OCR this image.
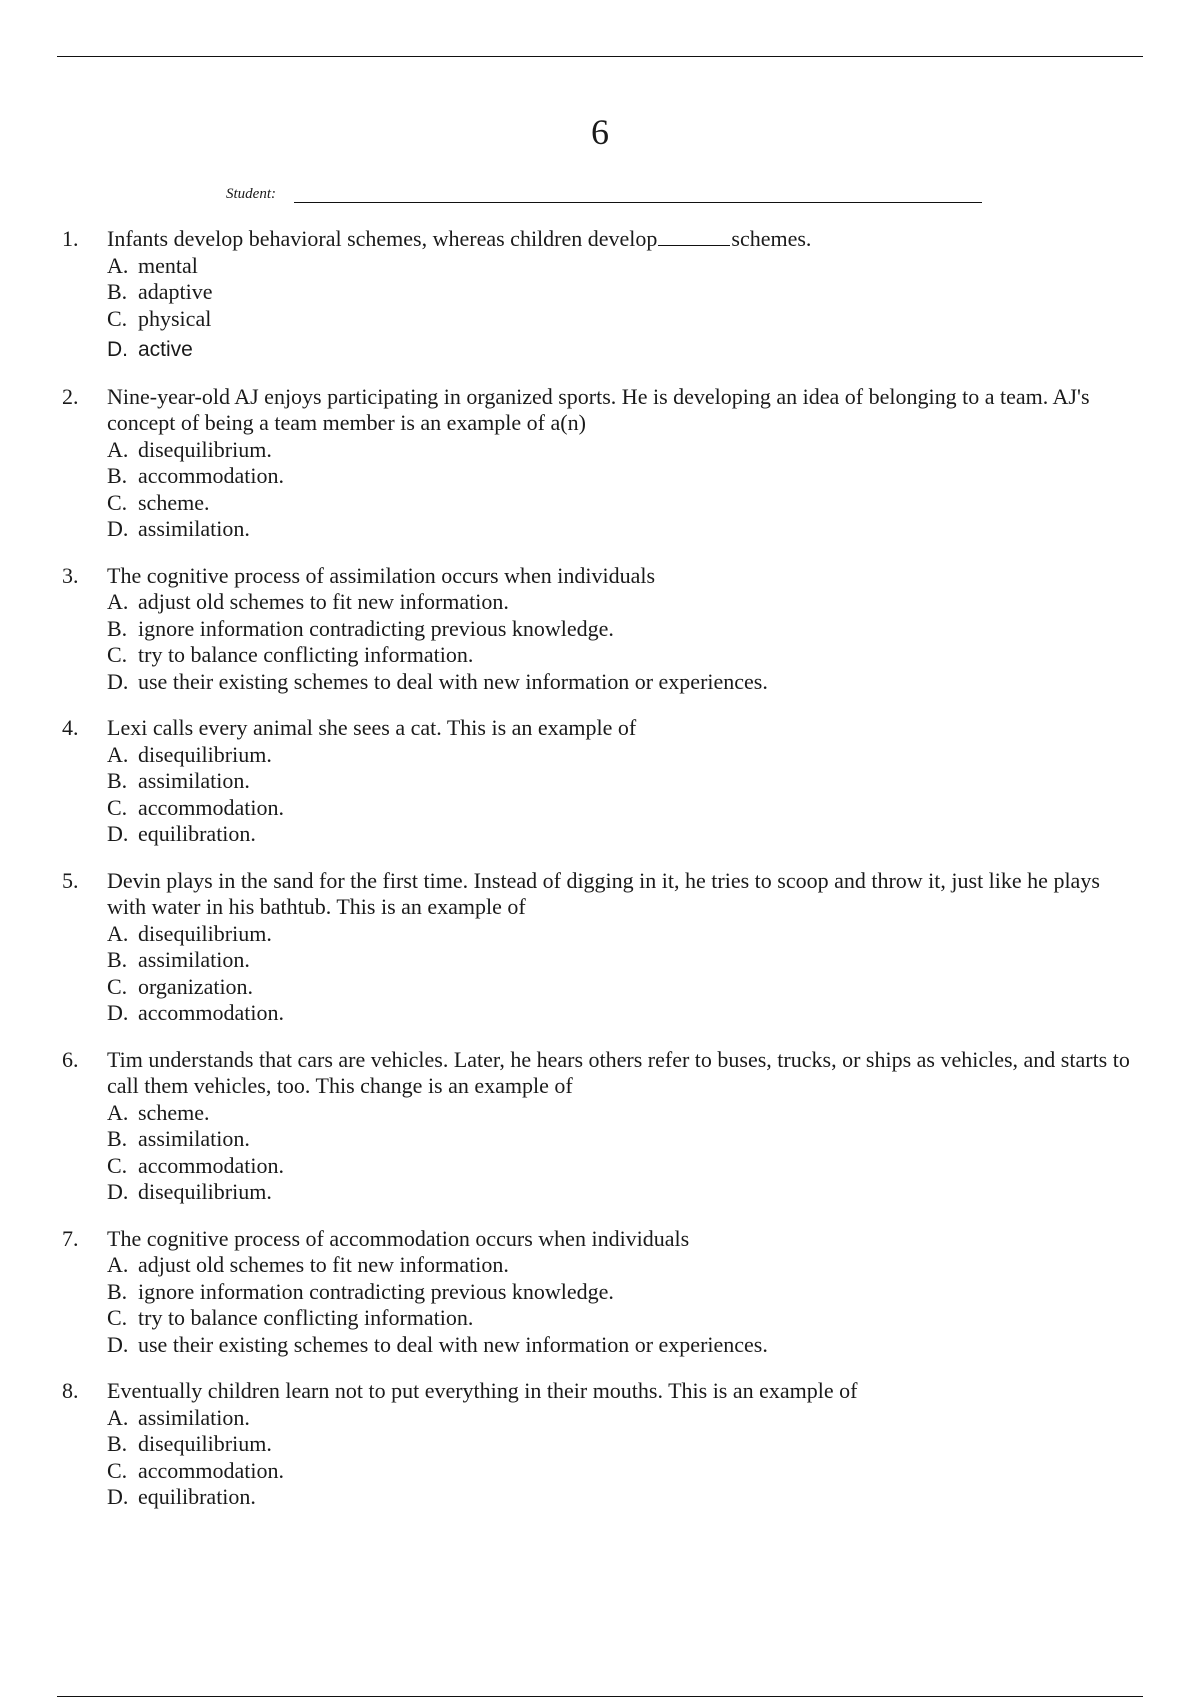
6
Student:
1. Infants develop behavioral schemes, whereas children develop	schemes.
A. mental
B. adaptive
C. physical
D. active
2. Nine-year-old AJ enjoys participating in organized sports. He is developing an idea of belonging to a team. AJ's concept of being a team member is an example of a(n)
A. disequilibrium.
B. accommodation.
C. scheme.
D. assimilation.
3. The cognitive process of assimilation occurs when individuals
A. adjust old schemes to fit new information.
B. ignore information contradicting previous knowledge.
C. try to balance conflicting information.
D. use their existing schemes to deal with new information or experiences.
4. Lexi calls every animal she sees a cat. This is an example of
A. disequilibrium.
B. assimilation.
C. accommodation.
D. equilibration.
5. Devin plays in the sand for the first time. Instead of digging in it, he tries to scoop and throw it, just like he plays with water in his bathtub. This is an example of
A. disequilibrium.
B. assimilation.
C. organization.
D. accommodation.
6. Tim understands that cars are vehicles. Later, he hears others refer to buses, trucks, or ships as vehicles, and starts to call them vehicles, too. This change is an example of
A. scheme.
B. assimilation.
C. accommodation.
D. disequilibrium.
7. The cognitive process of accommodation occurs when individuals
A. adjust old schemes to fit new information.
B. ignore information contradicting previous knowledge.
C. try to balance conflicting information.
D. use their existing schemes to deal with new information or experiences.
8. Eventually children learn not to put everything in their mouths. This is an example of
A. assimilation.
B. disequilibrium.
C. accommodation.
D. equilibration.
